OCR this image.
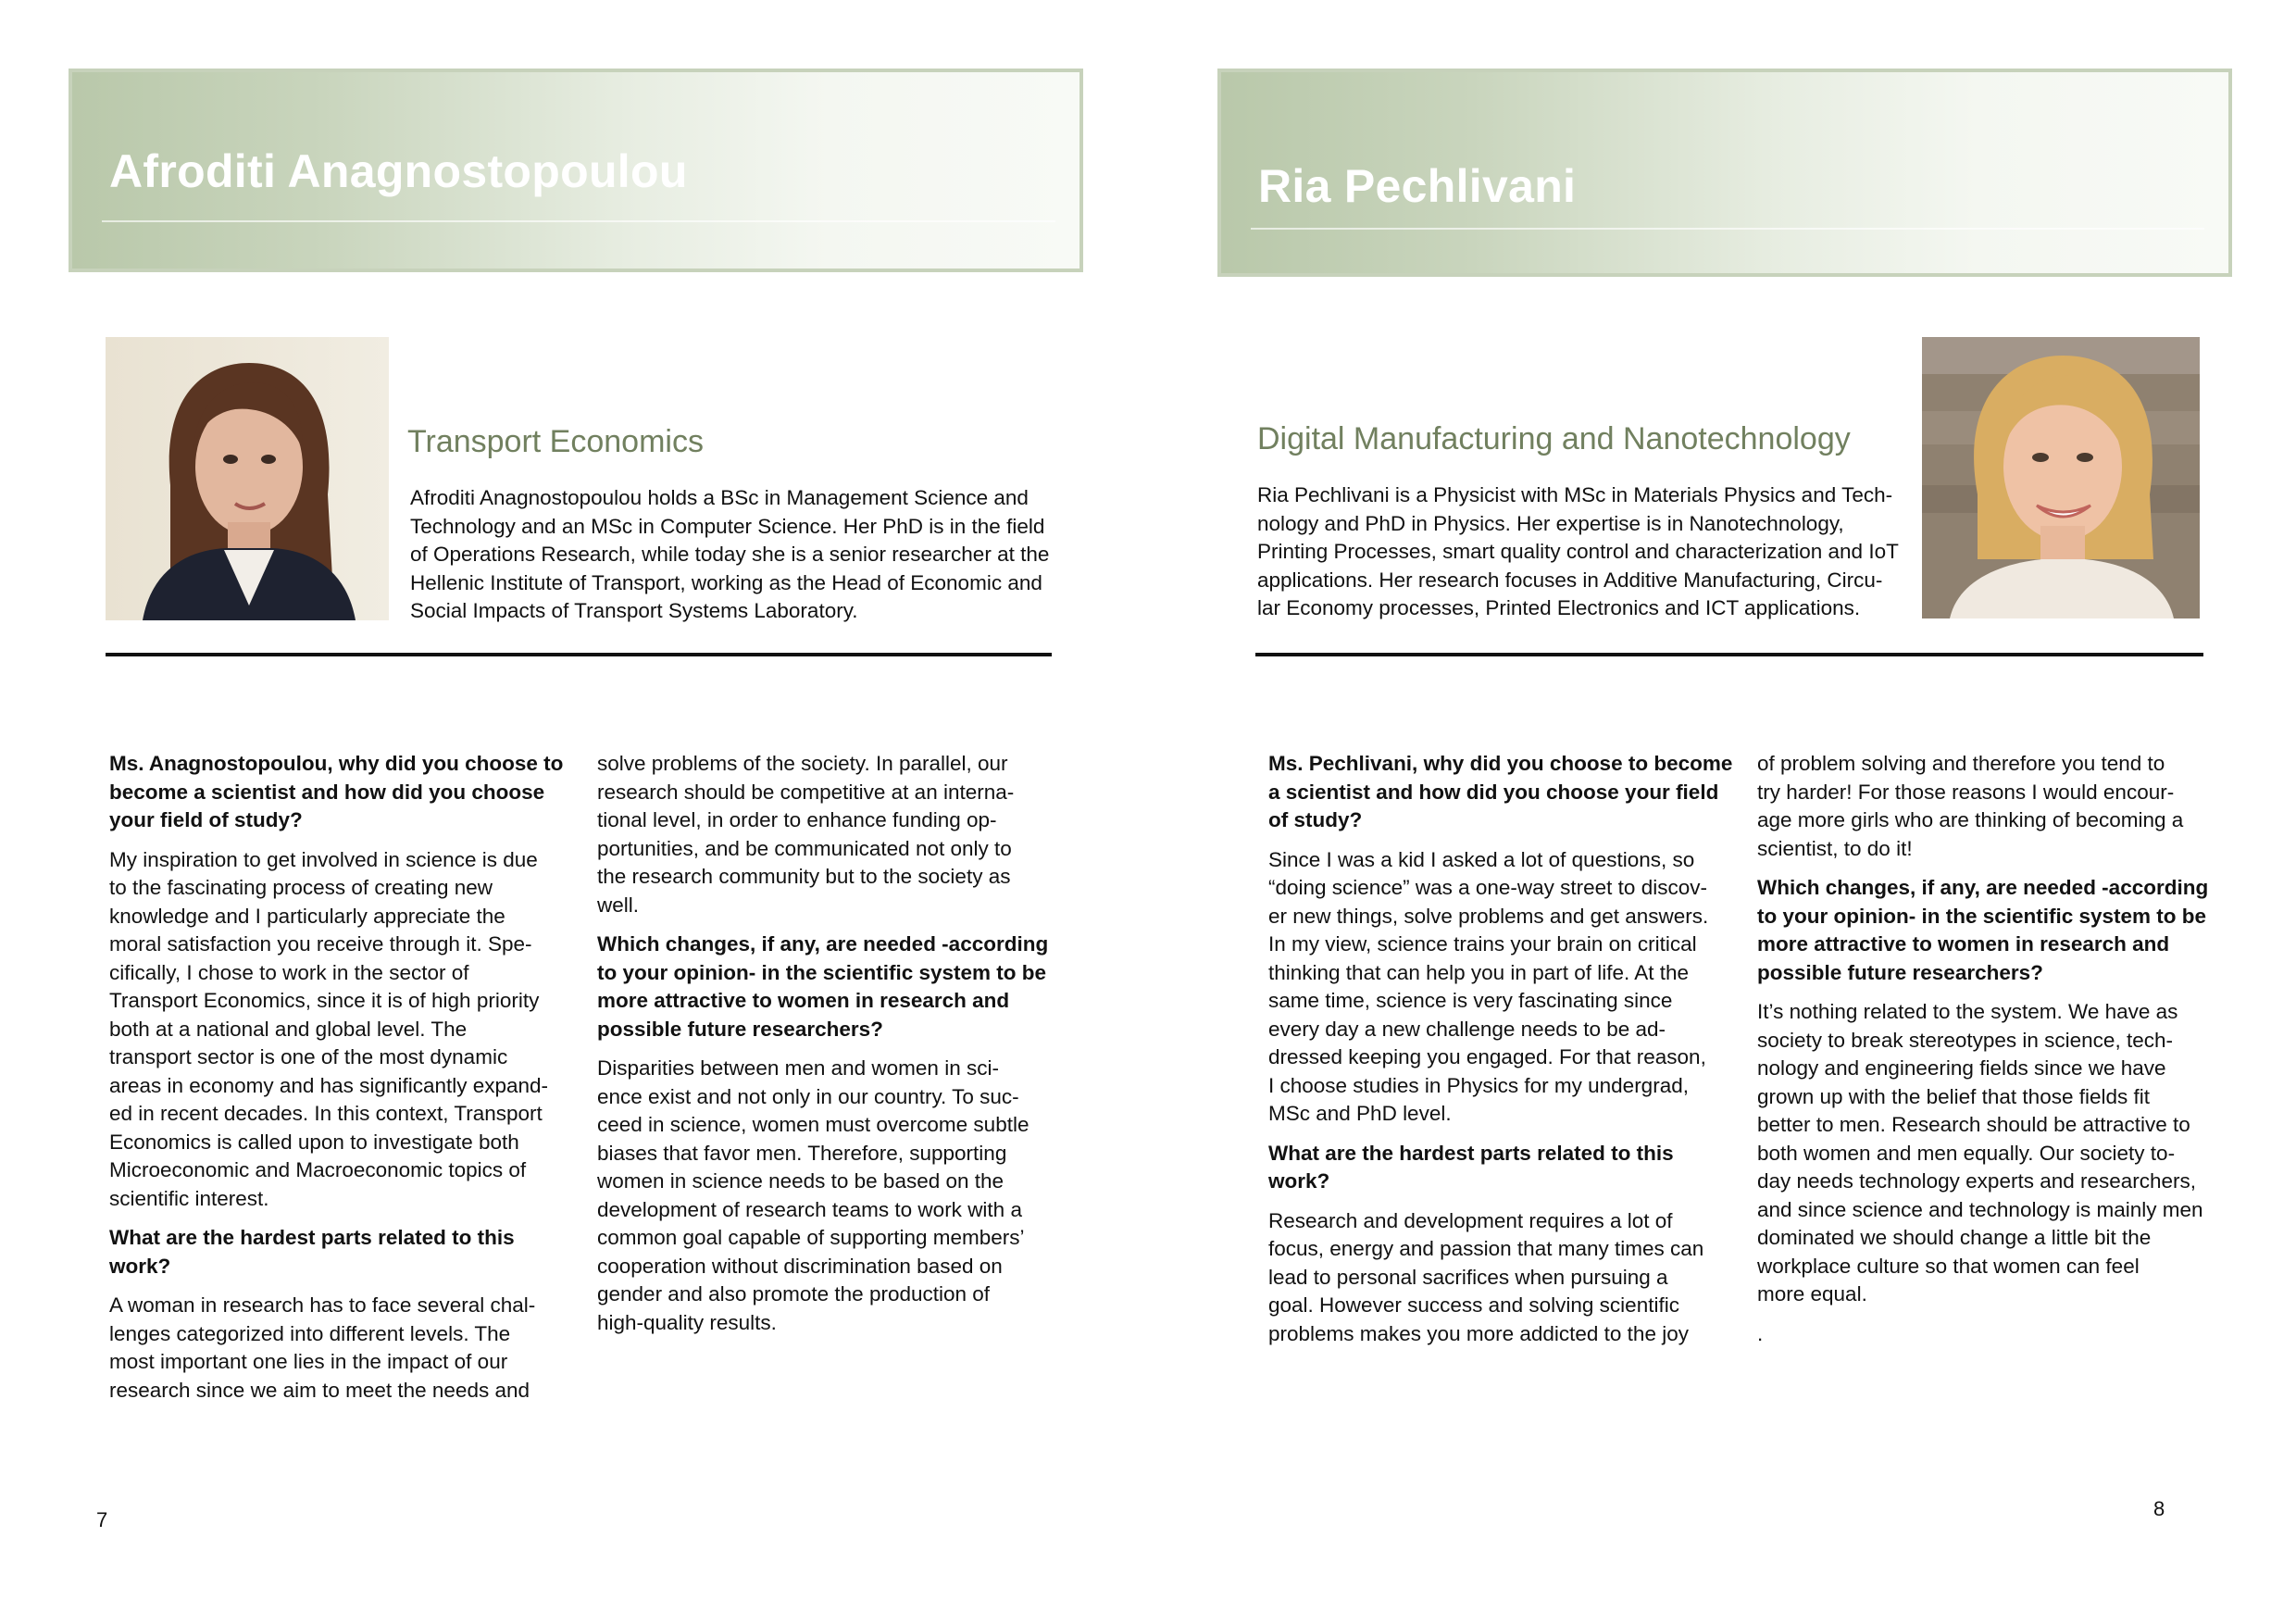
Afroditi Anagnostopoulou
Transport Economics
Afroditi Anagnostopoulou holds a BSc in Management Science and
Technology and an MSc in Computer Science. Her PhD is in the field
of Operations Research, while today she is a senior researcher at the
Hellenic Institute of Transport, working as the Head of Economic and
Social Impacts of Transport Systems Laboratory.
Ms. Anagnostopoulou, why did you choose to
become a scientist and how did you choose
your field of study?
My inspiration to get involved in science is due
to the fascinating process of creating new
knowledge and I particularly appreciate the
moral satisfaction you receive through it. Spe-
cifically, I chose to work in the sector of
Transport Economics, since it is of high priority
both at a national and global level. The
transport sector is one of the most dynamic
areas in economy and has significantly expand-
ed in recent decades. In this context, Transport
Economics is called upon to investigate both
Microeconomic and Macroeconomic topics of
scientific interest.
What are the hardest parts related to this
work?
A woman in research has to face several chal-
lenges categorized into different levels. The
most important one lies in the impact of our
research since we aim to meet the needs and
solve problems of the society. In parallel, our
research should be competitive at an interna-
tional level, in order to enhance funding op-
portunities, and be communicated not only to
the research community but to the society as
well.
Which changes, if any, are needed -according
to your opinion- in the scientific system to be
more attractive to women in research and
possible future researchers?
Disparities between men and women in sci-
ence exist and not only in our country. To suc-
ceed in science, women must overcome subtle
biases that favor men. Therefore, supporting
women in science needs to be based on the
development of research teams to work with a
common goal capable of supporting members’
cooperation without discrimination based on
gender and also promote the production of
high-quality results.
7
Ria Pechlivani
Digital Manufacturing and Nanotechnology
Ria Pechlivani is a Physicist with MSc in Materials Physics and Tech-
nology and PhD in Physics. Her expertise is in Nanotechnology,
Printing Processes, smart quality control and characterization and IoT
applications. Her research focuses in Additive Manufacturing, Circu-
lar Economy processes, Printed Electronics and ICT applications.
Ms. Pechlivani, why did you choose to become
a scientist and how did you choose your field
of study?
Since I was a kid I asked a lot of questions, so
“doing science” was a one-way street to discov-
er new things, solve problems and get answers.
In my view, science trains your brain on critical
thinking that can help you in part of life. At the
same time, science is very fascinating since
every day a new challenge needs to be ad-
dressed keeping you engaged. For that reason,
I choose studies in Physics for my undergrad,
MSc and PhD level.
What are the hardest parts related to this
work?
Research and development requires a lot of
focus, energy and passion that many times can
lead to personal sacrifices when pursuing a
goal. However success and solving scientific
problems makes you more addicted to the joy
of problem solving and therefore you tend to
try harder! For those reasons I would encour-
age more girls who are thinking of becoming a
scientist, to do it!
Which changes, if any, are needed -according
to your opinion- in the scientific system to be
more attractive to women in research and
possible future researchers?
It’s nothing related to the system. We have as
society to break stereotypes in science, tech-
nology and engineering fields since we have
grown up with the belief that those fields fit
better to men. Research should be attractive to
both women and men equally. Our society to-
day needs technology experts and researchers,
and since science and technology is mainly men
dominated we should change a little bit the
workplace culture so that women can feel
more equal.
.
8
